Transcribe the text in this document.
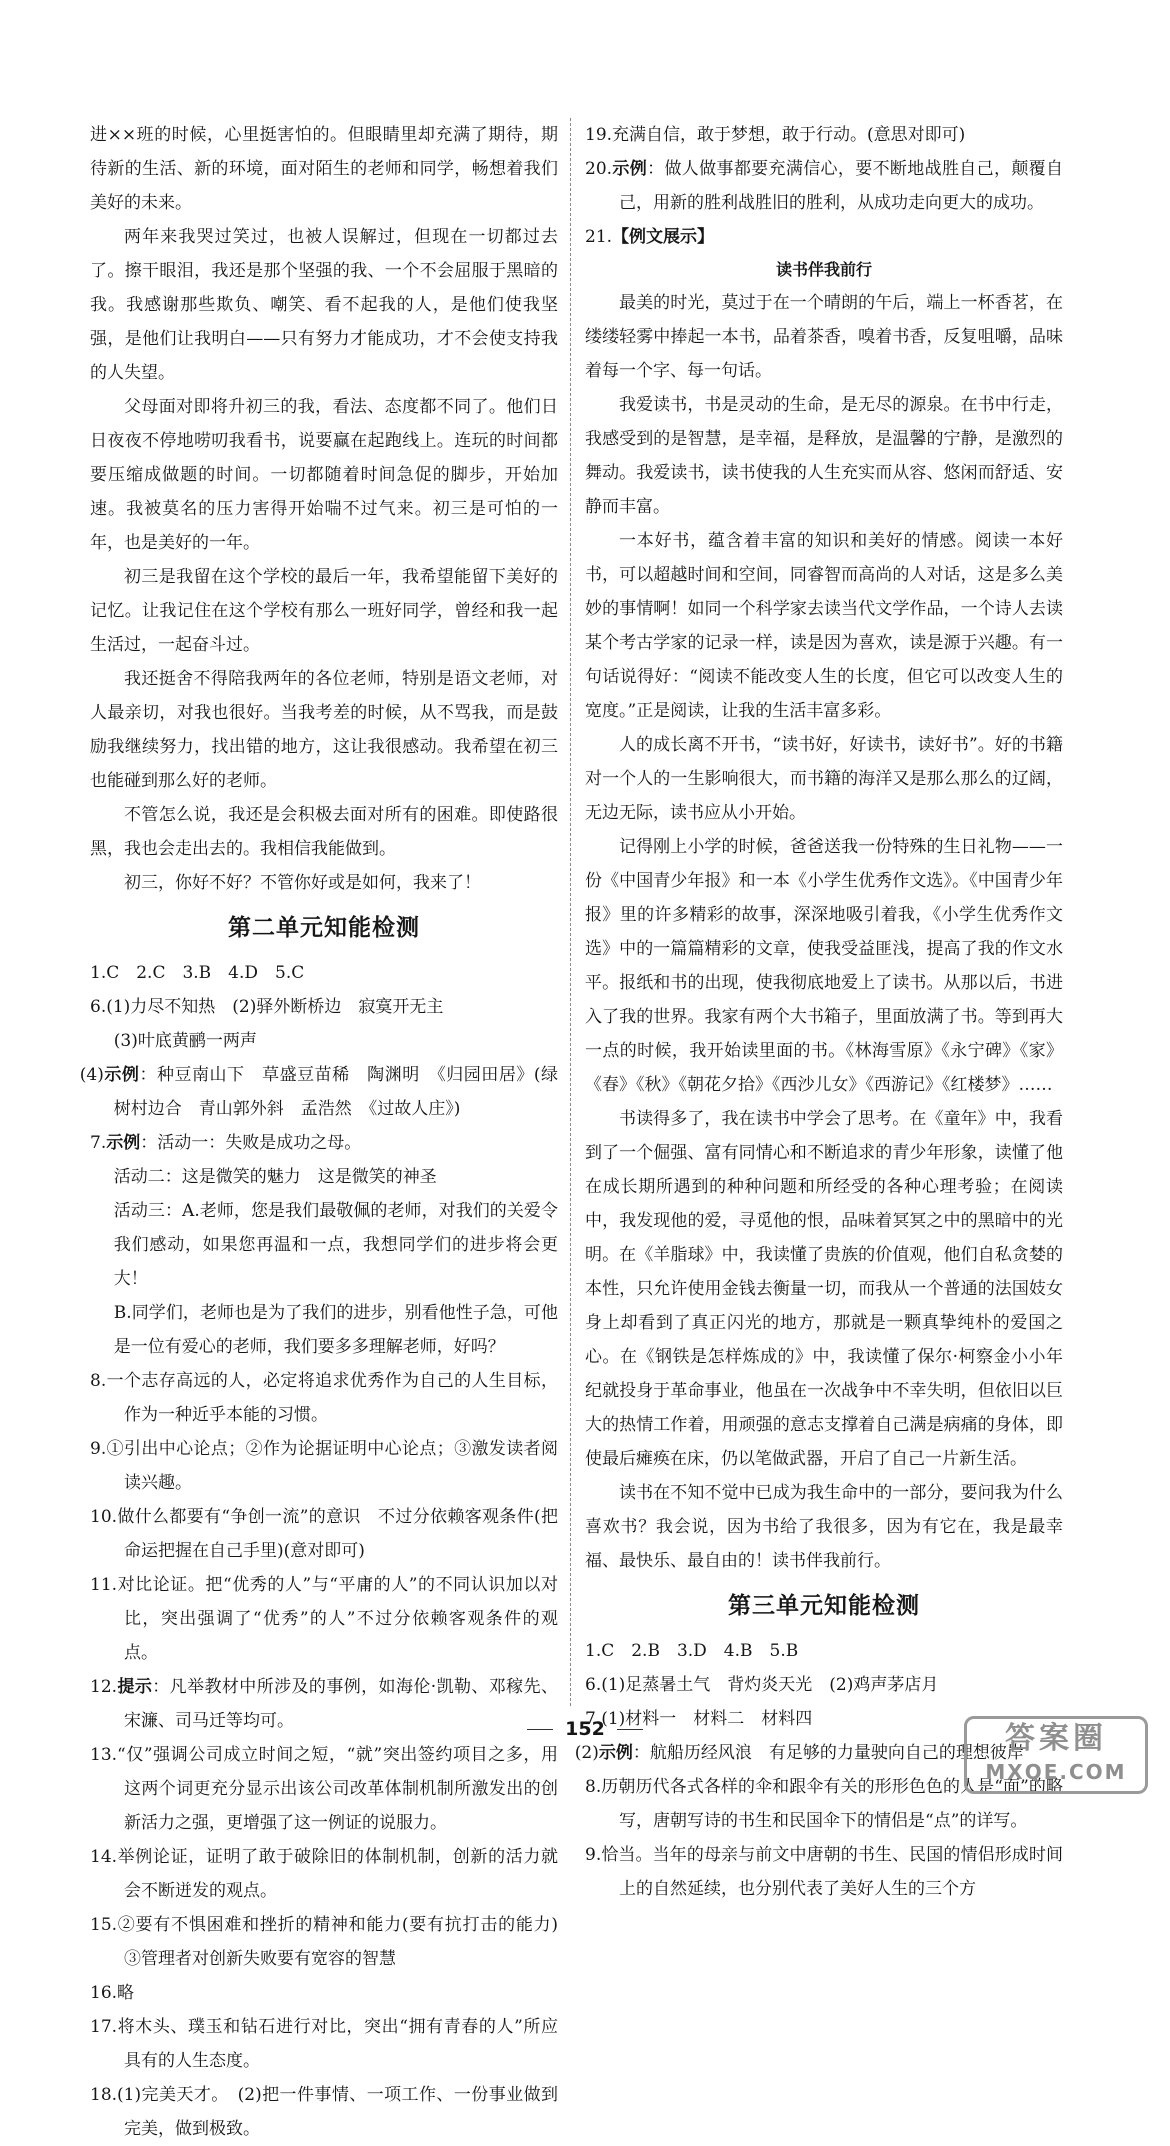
进××班的时候，心里挺害怕的。但眼睛里却充满了期待，期待新的生活、新的环境，面对陌生的老师和同学，畅想着我们美好的未来。

两年来我哭过笑过，也被人误解过，但现在一切都过去了。擦干眼泪，我还是那个坚强的我、一个不会屈服于黑暗的我。我感谢那些欺负、嘲笑、看不起我的人，是他们使我坚强，是他们让我明白——只有努力才能成功，才不会使支持我的人失望。

父母面对即将升初三的我，看法、态度都不同了。他们日日夜夜不停地唠叨我看书，说要赢在起跑线上。连玩的时间都要压缩成做题的时间。一切都随着时间急促的脚步，开始加速。我被莫名的压力害得开始喘不过气来。初三是可怕的一年，也是美好的一年。

初三是我留在这个学校的最后一年，我希望能留下美好的记忆。让我记住在这个学校有那么一班好同学，曾经和我一起生活过，一起奋斗过。

我还挺舍不得陪我两年的各位老师，特别是语文老师，对人最亲切，对我也很好。当我考差的时候，从不骂我，而是鼓励我继续努力，找出错的地方，这让我很感动。我希望在初三也能碰到那么好的老师。

不管怎么说，我还是会积极去面对所有的困难。即使路很黑，我也会走出去的。我相信我能做到。

初三，你好不好？不管你好或是如何，我来了！

第二单元知能检测

1.C　2.C　3.B　4.D　5.C

6.(1)力尽不知热　(2)驿外断桥边　寂寞开无主

(3)叶底黄鹂一两声

(4)示例：种豆南山下　草盛豆苗稀　陶渊明　《归园田居》(绿树村边合　青山郭外斜　孟浩然　《过故人庄》)

7.示例：活动一：失败是成功之母。

活动二：这是微笑的魅力　这是微笑的神圣

活动三：A.老师，您是我们最敬佩的老师，对我们的关爱令我们感动，如果您再温和一点，我想同学们的进步将会更大！

B.同学们，老师也是为了我们的进步，别看他性子急，可他是一位有爱心的老师，我们要多多理解老师，好吗？

8.一个志存高远的人，必定将追求优秀作为自己的人生目标，作为一种近乎本能的习惯。

9.①引出中心论点；②作为论据证明中心论点；③激发读者阅读兴趣。

10.做什么都要有“争创一流”的意识　不过分依赖客观条件(把命运把握在自己手里)(意对即可)

11.对比论证。把“优秀的人”与“平庸的人”的不同认识加以对比，突出强调了“优秀”的人”不过分依赖客观条件的观点。

12.提示：凡举教材中所涉及的事例，如海伦·凯勒、邓稼先、宋濂、司马迁等均可。

13.“仅”强调公司成立时间之短，“就”突出签约项目之多，用这两个词更充分显示出该公司改革体制机制所激发出的创新活力之强，更增强了这一例证的说服力。

14.举例论证，证明了敢于破除旧的体制机制，创新的活力就会不断迸发的观点。

15.②要有不惧困难和挫折的精神和能力(要有抗打击的能力)　③管理者对创新失败要有宽容的智慧

16.略

17.将木头、璞玉和钻石进行对比，突出“拥有青春的人”所应具有的人生态度。

18.(1)完美天才。　(2)把一件事情、一项工作、一份事业做到完美，做到极致。

19.充满自信，敢于梦想，敢于行动。(意思对即可)

20.示例：做人做事都要充满信心，要不断地战胜自己，颠覆自己，用新的胜利战胜旧的胜利，从成功走向更大的成功。

21.【例文展示】

读书伴我前行

最美的时光，莫过于在一个晴朗的午后，端上一杯香茗，在缕缕轻雾中捧起一本书，品着茶香，嗅着书香，反复咀嚼，品味着每一个字、每一句话。

我爱读书，书是灵动的生命，是无尽的源泉。在书中行走，我感受到的是智慧，是幸福，是释放，是温馨的宁静，是激烈的舞动。我爱读书，读书使我的人生充实而从容、悠闲而舒适、安静而丰富。

一本好书，蕴含着丰富的知识和美好的情感。阅读一本好书，可以超越时间和空间，同睿智而高尚的人对话，这是多么美妙的事情啊！如同一个科学家去读当代文学作品，一个诗人去读某个考古学家的记录一样，读是因为喜欢，读是源于兴趣。有一句话说得好：“阅读不能改变人生的长度，但它可以改变人生的宽度。”正是阅读，让我的生活丰富多彩。

人的成长离不开书，“读书好，好读书，读好书”。好的书籍对一个人的一生影响很大，而书籍的海洋又是那么那么的辽阔，无边无际，读书应从小开始。

记得刚上小学的时候，爸爸送我一份特殊的生日礼物——一份《中国青少年报》和一本《小学生优秀作文选》。《中国青少年报》里的许多精彩的故事，深深地吸引着我，《小学生优秀作文选》中的一篇篇精彩的文章，使我受益匪浅，提高了我的作文水平。报纸和书的出现，使我彻底地爱上了读书。从那以后，书进入了我的世界。我家有两个大书箱子，里面放满了书。等到再大一点的时候，我开始读里面的书。《林海雪原》《永宁碑》《家》《春》《秋》《朝花夕拾》《西沙儿女》《西游记》《红楼梦》……

书读得多了，我在读书中学会了思考。在《童年》中，我看到了一个倔强、富有同情心和不断追求的青少年形象，读懂了他在成长期所遇到的种种问题和所经受的各种心理考验；在阅读中，我发现他的爱，寻觅他的恨，品味着冥冥之中的黑暗中的光明。在《羊脂球》中，我读懂了贵族的价值观，他们自私贪婪的本性，只允许使用金钱去衡量一切，而我从一个普通的法国妓女身上却看到了真正闪光的地方，那就是一颗真挚纯朴的爱国之心。在《钢铁是怎样炼成的》中，我读懂了保尔·柯察金小小年纪就投身于革命事业，他虽在一次战争中不幸失明，但依旧以巨大的热情工作着，用顽强的意志支撑着自己满是病痛的身体，即使最后瘫痪在床，仍以笔做武器，开启了自己一片新生活。

读书在不知不觉中已成为我生命中的一部分，要问我为什么喜欢书？我会说，因为书给了我很多，因为有它在，我是最幸福、最快乐、最自由的！读书伴我前行。

第三单元知能检测

1.C　2.B　3.D　4.B　5.B

6.(1)足蒸暑土气　背灼炎天光　(2)鸡声茅店月

7.(1)材料一　材料二　材料四

(2)示例：航船历经风浪　有足够的力量驶向自己的理想彼岸

8.历朝历代各式各样的伞和跟伞有关的形形色色的人是“面”的略写，唐朝写诗的书生和民国伞下的情侣是“点”的详写。

9.恰当。当年的母亲与前文中唐朝的书生、民国的情侣形成时间上的自然延续，也分别代表了美好人生的三个方

152	答案圈
MXQE.COM
